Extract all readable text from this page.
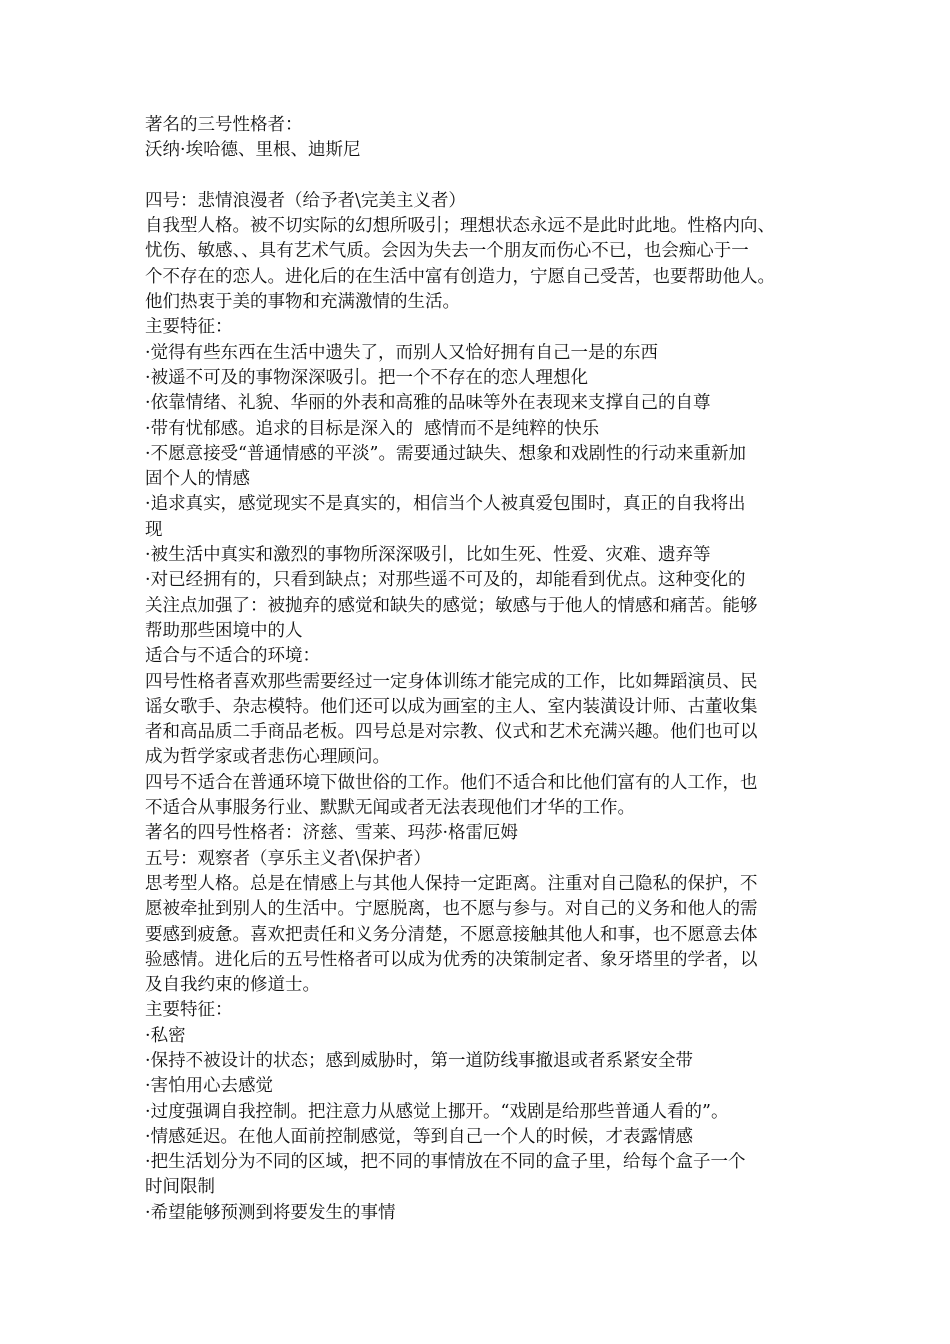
著名的三号性格者：

沃纳·埃哈德、里根、迪斯尼

四号：悲情浪漫者（给予者\完美主义者）

自我型人格。被不切实际的幻想所吸引；理想状态永远不是此时此地。性格内向、

忧伤、敏感、、具有艺术气质。会因为失去一个朋友而伤心不已，也会痴心于一

个不存在的恋人。进化后的在生活中富有创造力，宁愿自己受苦，也要帮助他人。

他们热衷于美的事物和充满激情的生活。

主要特征：

·觉得有些东西在生活中遗失了，而别人又恰好拥有自己一是的东西

·被遥不可及的事物深深吸引。把一个不存在的恋人理想化

·依靠情绪、礼貌、华丽的外表和高雅的品味等外在表现来支撑自己的自尊

·带有忧郁感。追求的目标是深入的  感情而不是纯粹的快乐

·不愿意接受“普通情感的平淡”。需要通过缺失、想象和戏剧性的行动来重新加

固个人的情感

·追求真实，感觉现实不是真实的，相信当个人被真爱包围时，真正的自我将出

现

·被生活中真实和激烈的事物所深深吸引，比如生死、性爱、灾难、遗弃等

·对已经拥有的，只看到缺点；对那些遥不可及的，却能看到优点。这种变化的

关注点加强了：被抛弃的感觉和缺失的感觉；敏感与于他人的情感和痛苦。能够

帮助那些困境中的人

适合与不适合的环境：

四号性格者喜欢那些需要经过一定身体训练才能完成的工作，比如舞蹈演员、民

谣女歌手、杂志模特。他们还可以成为画室的主人、室内装潢设计师、古董收集

者和高品质二手商品老板。四号总是对宗教、仪式和艺术充满兴趣。他们也可以

成为哲学家或者悲伤心理顾问。

四号不适合在普通环境下做世俗的工作。他们不适合和比他们富有的人工作，也

不适合从事服务行业、默默无闻或者无法表现他们才华的工作。

著名的四号性格者：济慈、雪莱、玛莎·格雷厄姆

五号：观察者（享乐主义者\保护者）

思考型人格。总是在情感上与其他人保持一定距离。注重对自己隐私的保护，不

愿被牵扯到别人的生活中。宁愿脱离，也不愿与参与。对自己的义务和他人的需

要感到疲惫。喜欢把责任和义务分清楚，不愿意接触其他人和事，也不愿意去体

验感情。进化后的五号性格者可以成为优秀的决策制定者、象牙塔里的学者，以

及自我约束的修道士。

主要特征：

·私密

·保持不被设计的状态；感到威胁时，第一道防线事撤退或者系紧安全带

·害怕用心去感觉

·过度强调自我控制。把注意力从感觉上挪开。“戏剧是给那些普通人看的”。

·情感延迟。在他人面前控制感觉，等到自己一个人的时候，才表露情感

·把生活划分为不同的区域，把不同的事情放在不同的盒子里，给每个盒子一个

时间限制

·希望能够预测到将要发生的事情
